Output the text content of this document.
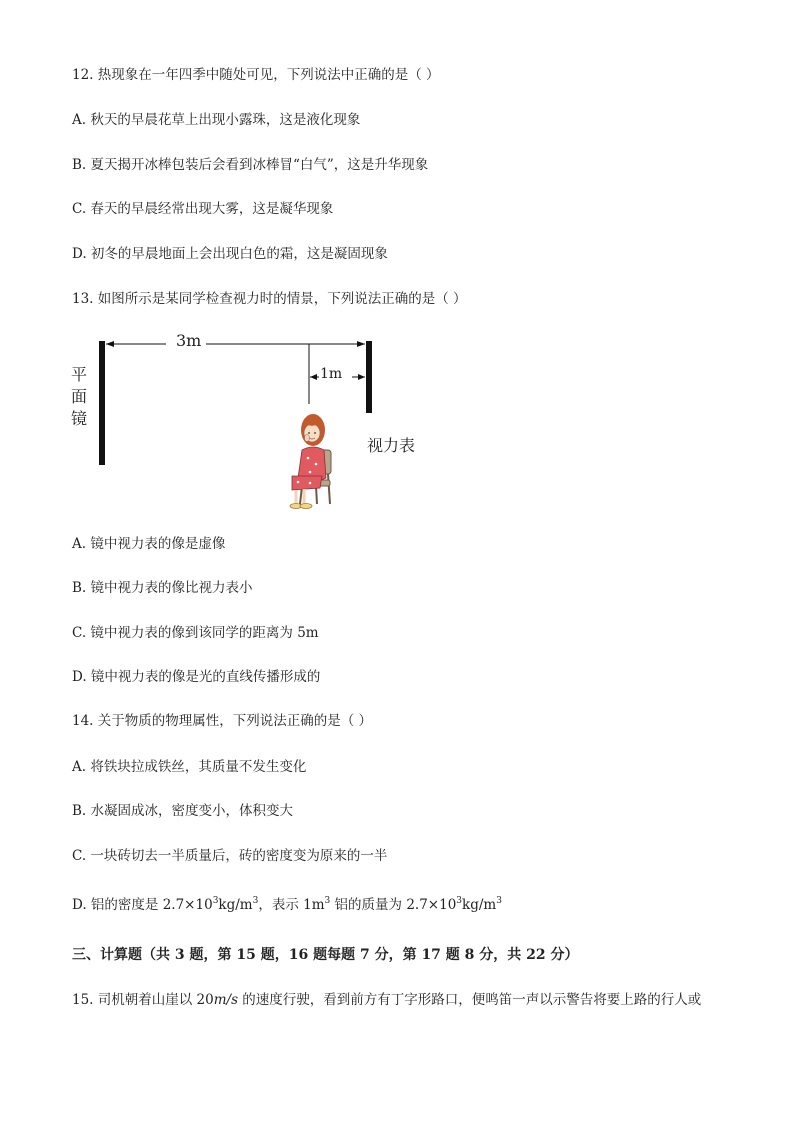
12. 热现象在一年四季中随处可见，下列说法中正确的是（ ）
A. 秋天的早晨花草上出现小露珠，这是液化现象
B. 夏天揭开冰棒包装后会看到冰棒冒“白气”，这是升华现象
C. 春天的早晨经常出现大雾，这是凝华现象
D. 初冬的早晨地面上会出现白色的霜，这是凝固现象
13. 如图所示是某同学检查视力时的情景，下列说法正确的是（ ）
3m
1m
平
面
镜
视力表
A. 镜中视力表的像是虚像
B. 镜中视力表的像比视力表小
C. 镜中视力表的像到该同学的距离为 5m
D. 镜中视力表的像是光的直线传播形成的
14. 关于物质的物理属性，下列说法正确的是（ ）
A. 将铁块拉成铁丝，其质量不发生变化
B. 水凝固成冰，密度变小，体积变大
C. 一块砖切去一半质量后，砖的密度变为原来的一半
D. 铝的密度是 $2.7\times 10^3kg/m^3$，表示 $1m^3$ 铝的质量为 $2.7\times 10^3kg/m^3$
三、计算题（共 3 题，第 15 题，16 题每题 7 分，第 17 题 8 分，共 22 分）
15. 司机朝着山崖以 20m/s 的速度行驶，看到前方有丁字形路口，便鸣笛一声以示警告将要上路的行人或
